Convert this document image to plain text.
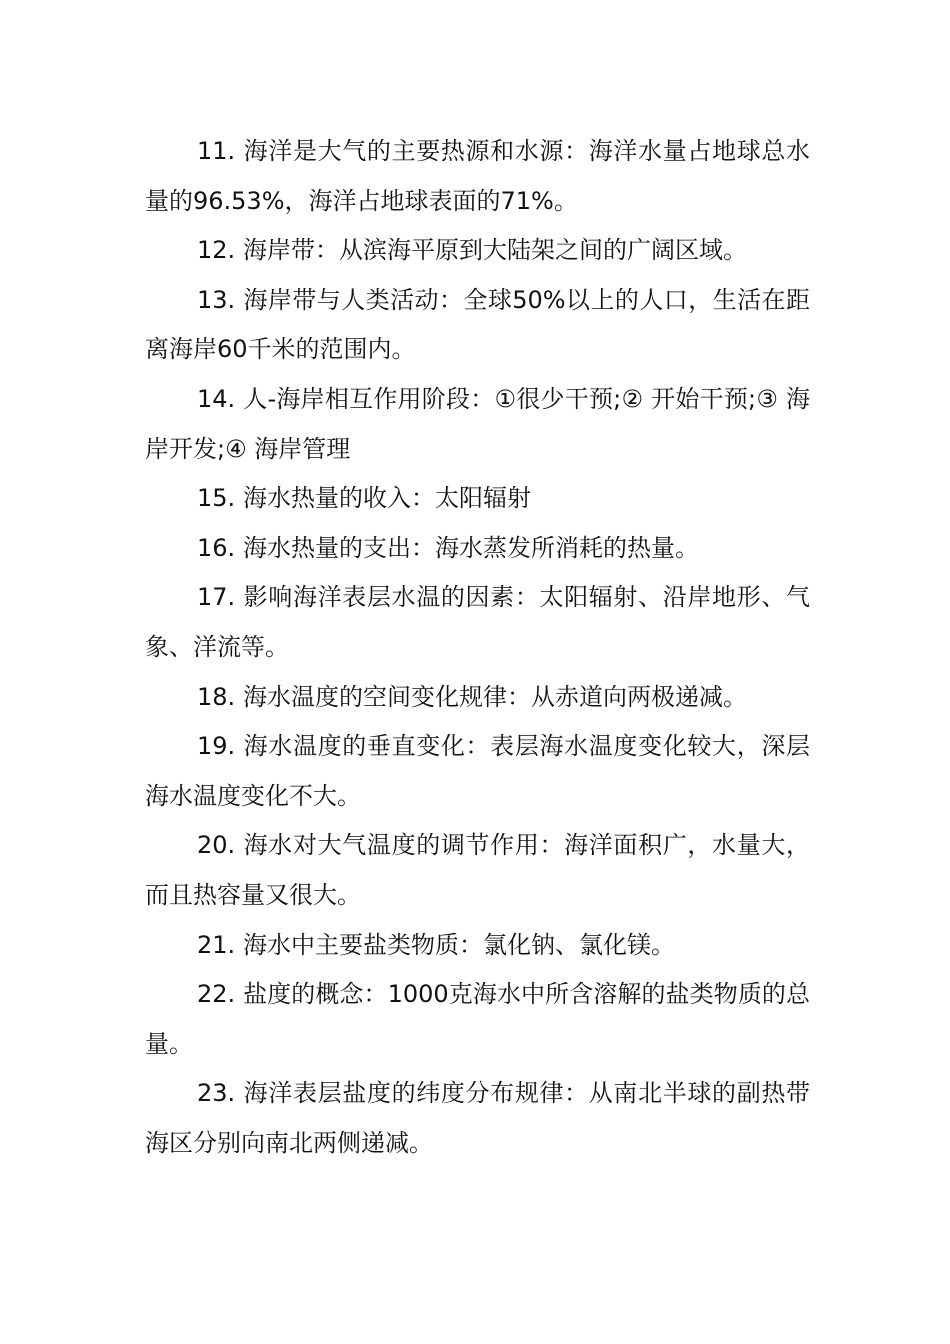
11. 海洋是大气的主要热源和水源：海洋水量占地球总水量的96.53%，海洋占地球表面的71%。

12. 海岸带：从滨海平原到大陆架之间的广阔区域。

13. 海岸带与人类活动：全球50%以上的人口，生活在距离海岸60千米的范围内。

14. 人-海岸相互作用阶段：①很少干预;② 开始干预;③ 海岸开发;④ 海岸管理

15. 海水热量的收入：太阳辐射

16. 海水热量的支出：海水蒸发所消耗的热量。

17. 影响海洋表层水温的因素：太阳辐射、沿岸地形、气象、洋流等。

18. 海水温度的空间变化规律：从赤道向两极递减。

19. 海水温度的垂直变化：表层海水温度变化较大，深层海水温度变化不大。

20. 海水对大气温度的调节作用：海洋面积广，水量大，而且热容量又很大。

21. 海水中主要盐类物质：氯化钠、氯化镁。

22. 盐度的概念：1000克海水中所含溶解的盐类物质的总量。

23. 海洋表层盐度的纬度分布规律：从南北半球的副热带海区分别向南北两侧递减。
